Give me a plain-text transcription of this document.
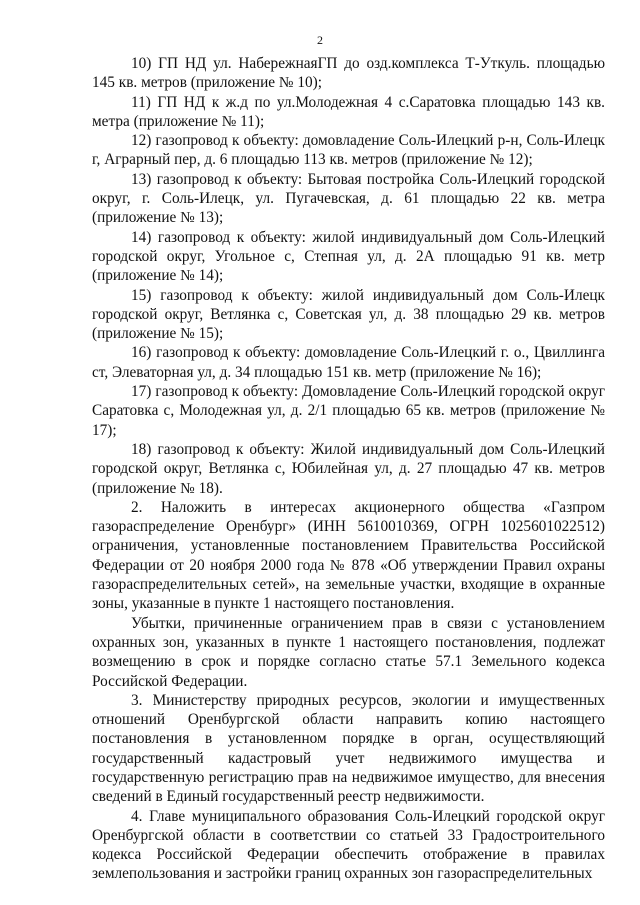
2

10) ГП НД ул. НабережнаяГП до озд.комплекса Т-Уткуль. площадью 145 кв. метров (приложение № 10);

11) ГП НД к ж.д по ул.Молодежная 4 с.Саратовка площадью 143 кв. метра (приложение № 11);

12) газопровод к объекту: домовладение Соль-Илецкий р-н, Соль-Илецк г, Аграрный пер, д. 6 площадью 113 кв. метров (приложение № 12);

13) газопровод к объекту: Бытовая постройка Соль-Илецкий городской округ, г. Соль-Илецк, ул. Пугачевская, д. 61 площадью 22 кв. метра (приложение № 13);

14) газопровод к объекту: жилой индивидуальный дом Соль-Илецкий городской округ, Угольное с, Степная ул, д. 2А площадью 91 кв. метр (приложение № 14);

15) газопровод к объекту: жилой индивидуальный дом Соль-Илецк городской округ, Ветлянка с, Советская ул, д. 38 площадью 29 кв. метров (приложение № 15);

16) газопровод к объекту: домовладение Соль-Илецкий г. о., Цвиллинга ст, Элеваторная ул, д. 34 площадью 151 кв. метр (приложение № 16);

17) газопровод к объекту: Домовладение Соль-Илецкий городской округ Саратовка с, Молодежная ул, д. 2/1 площадью 65 кв. метров (приложение № 17);

18) газопровод к объекту: Жилой индивидуальный дом Соль-Илецкий городской округ, Ветлянка с, Юбилейная ул, д. 27 площадью 47 кв. метров (приложение № 18).

2. Наложить в интересах акционерного общества «Газпром газораспределение Оренбург» (ИНН 5610010369, ОГРН 1025601022512) ограничения, установленные постановлением Правительства Российской Федерации от 20 ноября 2000 года № 878 «Об утверждении Правил охраны газораспределительных сетей», на земельные участки, входящие в охранные зоны, указанные в пункте 1 настоящего постановления.

Убытки, причиненные ограничением прав в связи с установлением охранных зон, указанных в пункте 1 настоящего постановления, подлежат возмещению в срок и порядке согласно статье 57.1 Земельного кодекса Российской Федерации.

3. Министерству природных ресурсов, экологии и имущественных отношений Оренбургской области направить копию настоящего постановления в установленном порядке в орган, осуществляющий государственный кадастровый учет недвижимого имущества и государственную регистрацию прав на недвижимое имущество, для внесения сведений в Единый государственный реестр недвижимости.

4. Главе муниципального образования Соль-Илецкий городской округ Оренбургской области в соответствии со статьей 33 Градостроительного кодекса Российской Федерации обеспечить отображение в правилах землепользования и застройки границ охранных зон газораспределительных
